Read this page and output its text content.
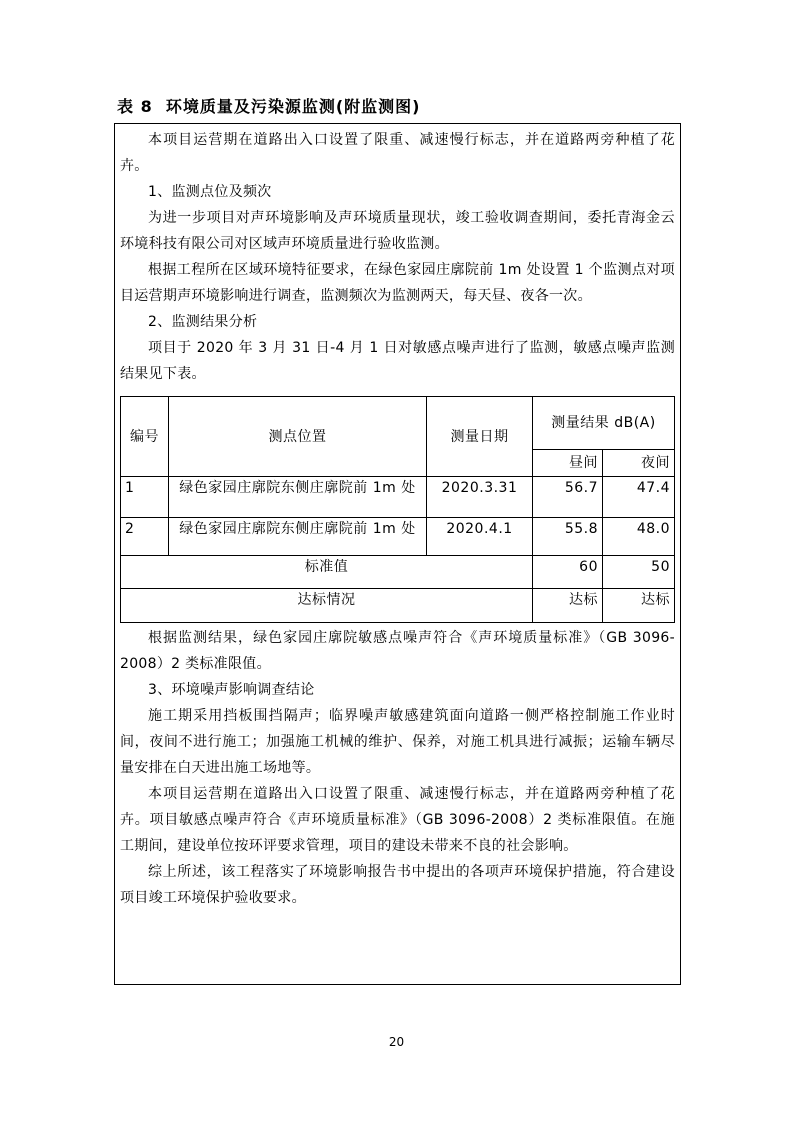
表 8  环境质量及污染源监测(附监测图)

本项目运营期在道路出入口设置了限重、减速慢行标志，并在道路两旁种植了花卉。

1、监测点位及频次

为进一步项目对声环境影响及声环境质量现状，竣工验收调查期间，委托青海金云环境科技有限公司对区域声环境质量进行验收监测。

根据工程所在区域环境特征要求，在绿色家园庄廓院前 1m 处设置 1 个监测点对项目运营期声环境影响进行调查，监测频次为监测两天，每天昼、夜各一次。

2、监测结果分析

项目于 2020 年 3 月 31 日-4 月 1 日对敏感点噪声进行了监测，敏感点噪声监测结果见下表。

编号	测点位置	测量日期	测量结果 dB(A)	
			昼间	夜间
1	绿色家园庄廓院东侧庄廓院前 1m 处	2020.3.31	56.7	47.4
2	绿色家园庄廓院东侧庄廓院前 1m 处	2020.4.1	55.8	48.0
标准值			60	50
达标情况			达标	达标

根据监测结果，绿色家园庄廓院敏感点噪声符合《声环境质量标准》（GB 3096-2008）2 类标准限值。

3、环境噪声影响调查结论

施工期采用挡板围挡隔声；临界噪声敏感建筑面向道路一侧严格控制施工作业时间，夜间不进行施工；加强施工机械的维护、保养，对施工机具进行减振；运输车辆尽量安排在白天进出施工场地等。

本项目运营期在道路出入口设置了限重、减速慢行标志，并在道路两旁种植了花卉。项目敏感点噪声符合《声环境质量标准》（GB 3096-2008）2 类标准限值。在施工期间，建设单位按环评要求管理，项目的建设未带来不良的社会影响。

综上所述，该工程落实了环境影响报告书中提出的各项声环境保护措施，符合建设项目竣工环境保护验收要求。

20
